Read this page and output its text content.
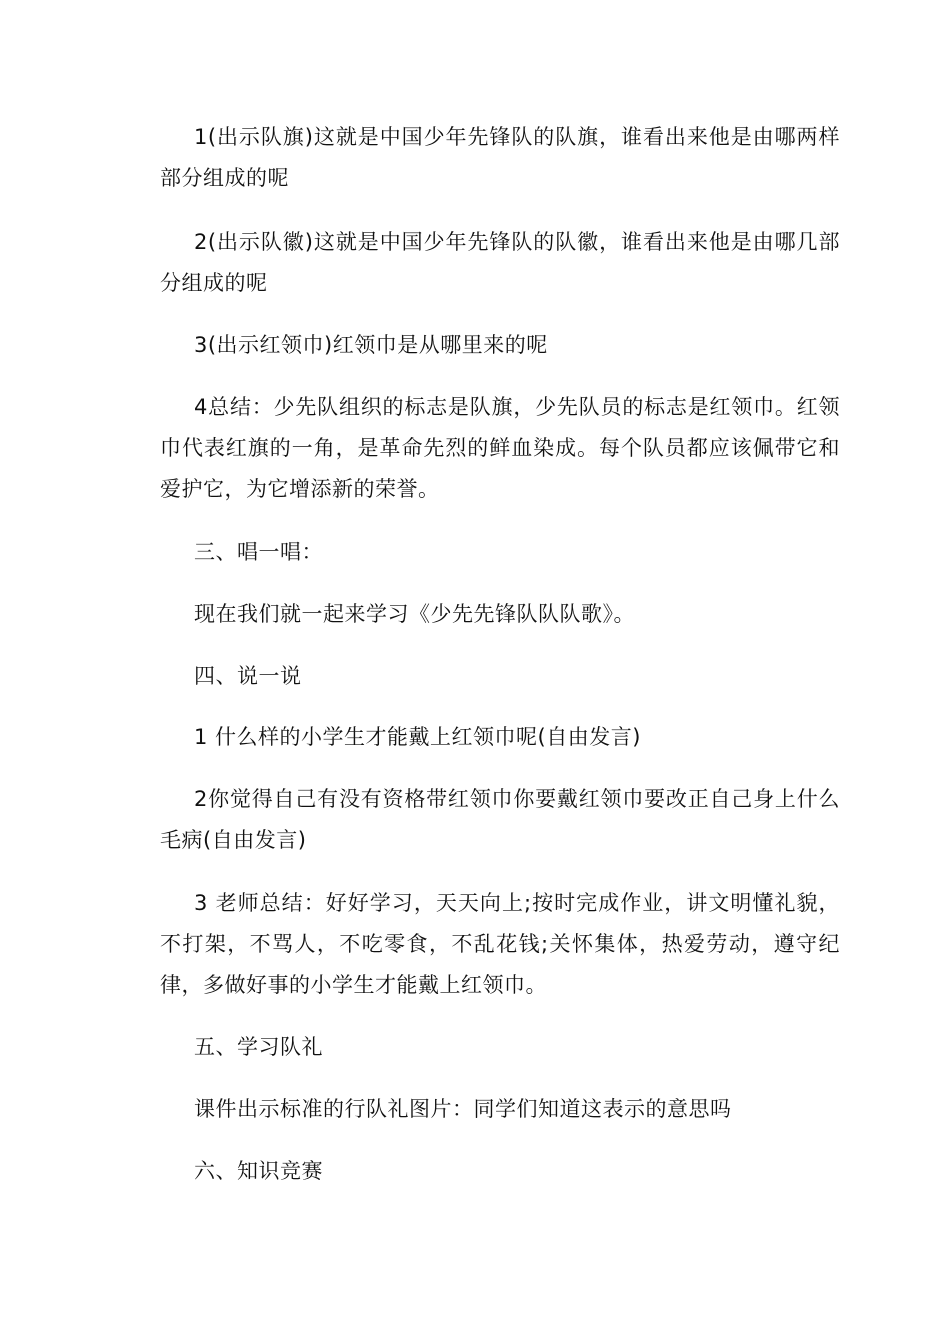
1(出示队旗)这就是中国少年先锋队的队旗，谁看出来他是由哪两样部分组成的呢

2(出示队徽)这就是中国少年先锋队的队徽，谁看出来他是由哪几部分组成的呢

3(出示红领巾)红领巾是从哪里来的呢

4总结：少先队组织的标志是队旗，少先队员的标志是红领巾。红领巾代表红旗的一角，是革命先烈的鲜血染成。每个队员都应该佩带它和爱护它，为它增添新的荣誉。

三、唱一唱：

现在我们就一起来学习《少先先锋队队队歌》。

四、说一说

1 什么样的小学生才能戴上红领巾呢(自由发言)

2你觉得自己有没有资格带红领巾你要戴红领巾要改正自己身上什么毛病(自由发言)

3 老师总结：好好学习，天天向上;按时完成作业，讲文明懂礼貌，不打架，不骂人，不吃零食，不乱花钱;关怀集体，热爱劳动，遵守纪律，多做好事的小学生才能戴上红领巾。

五、学习队礼

课件出示标准的行队礼图片：同学们知道这表示的意思吗

六、知识竞赛
